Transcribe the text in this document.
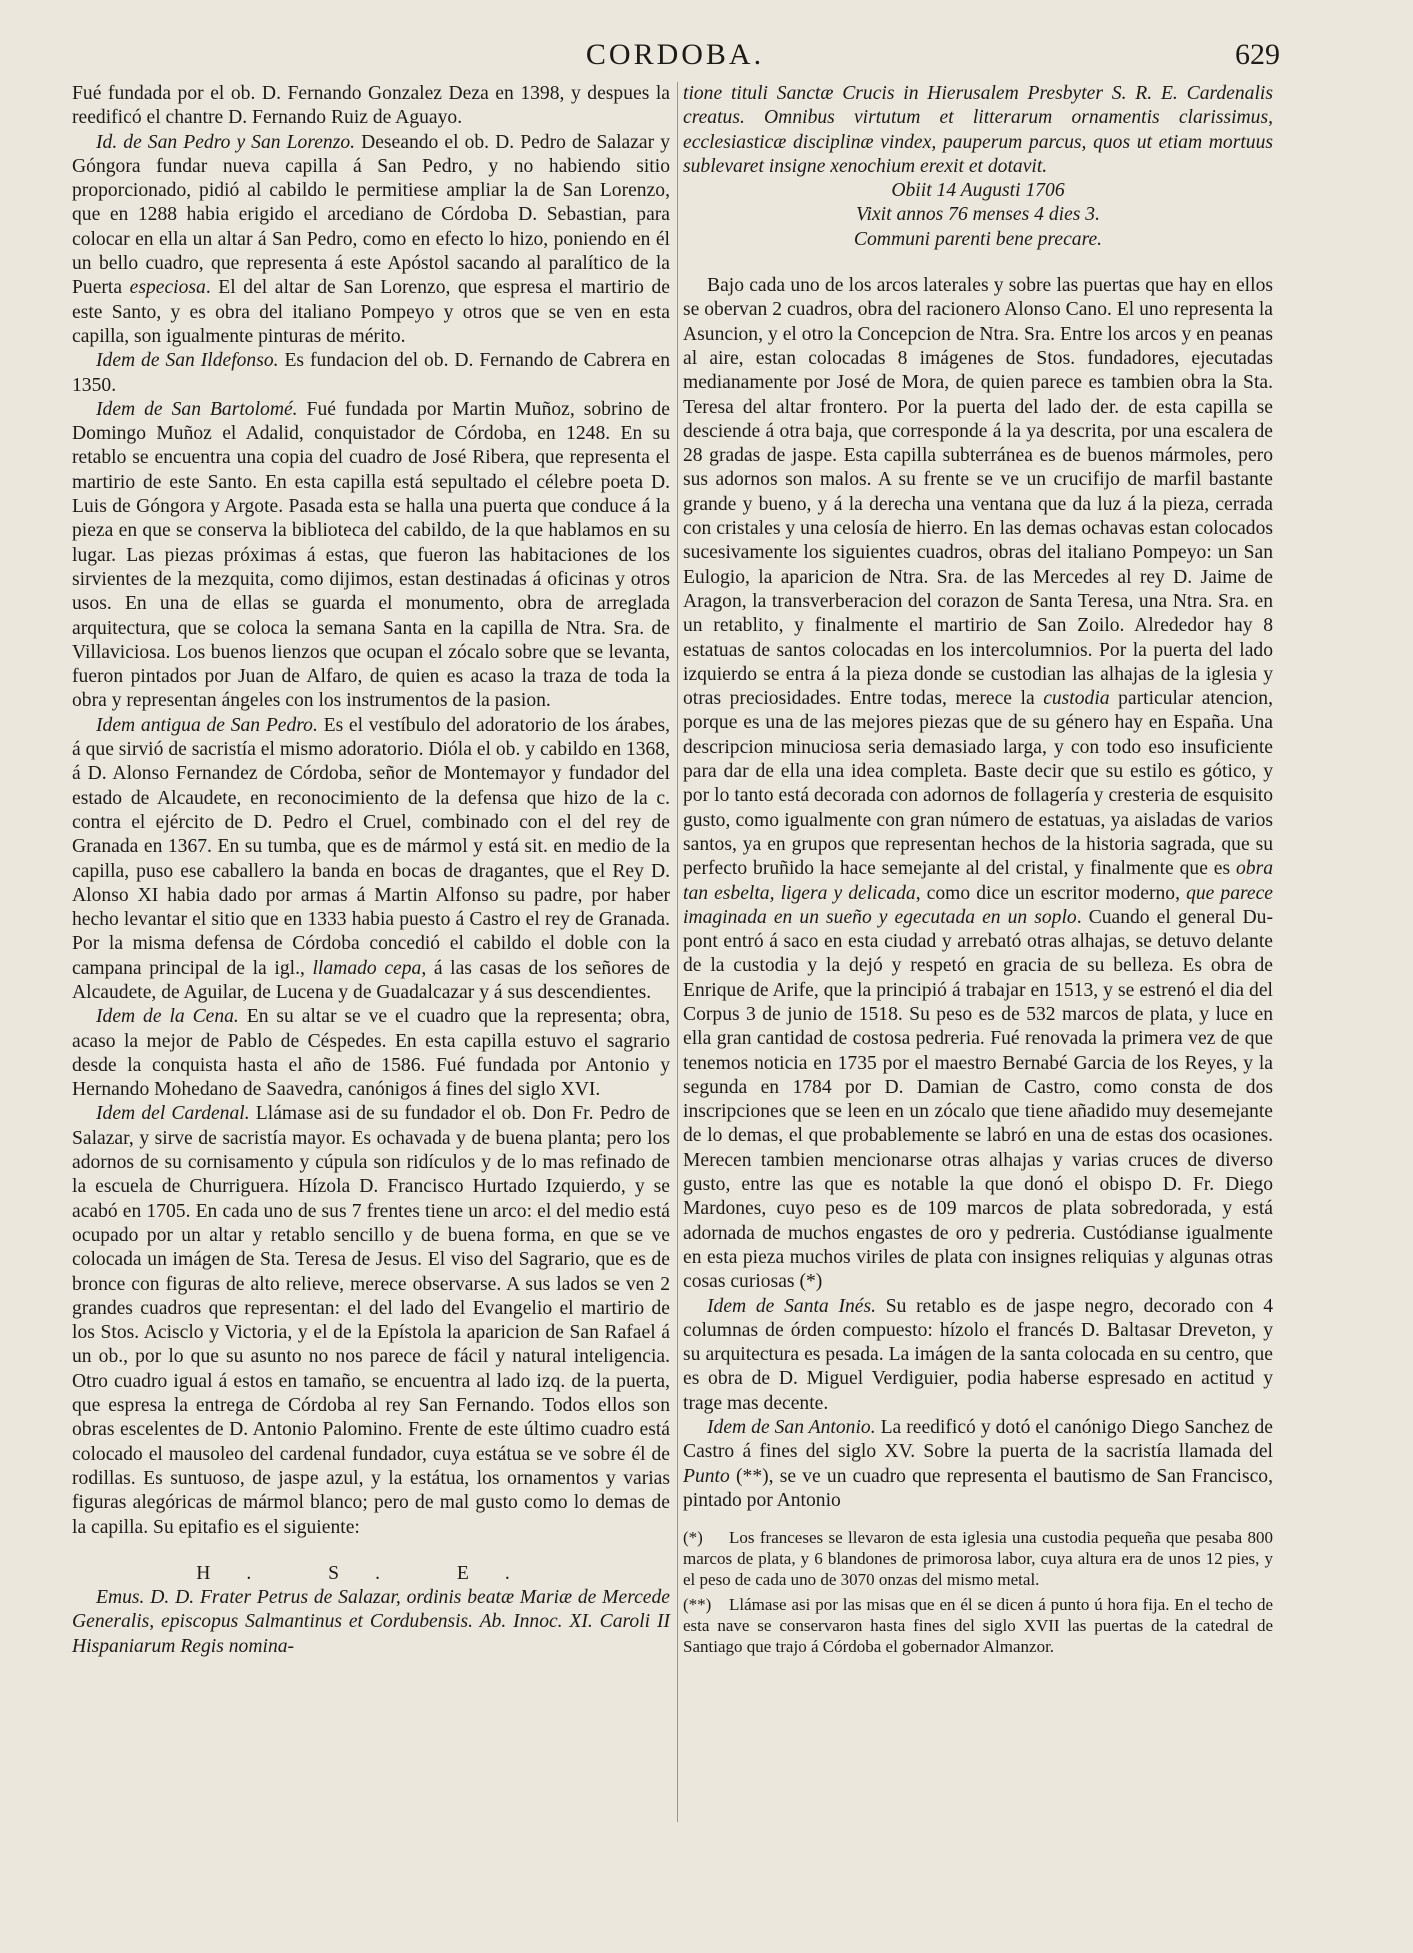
CORDOBA.	629

Fué fundada por el ob. D. Fernando Gonzalez Deza en 1398, y despues la reedificó el chantre D. Fernando Ruiz de Aguayo.

Id. de San Pedro y San Lorenzo. Deseando el ob. D. Pedro de Salazar y Góngora fundar nueva capilla á San Pedro, y no habiendo sitio proporcionado, pidió al cabildo le permitiese ampliar la de San Lorenzo, que en 1288 habia erigido el arcediano de Córdoba D. Sebastian, para colocar en ella un altar á San Pedro, como en efecto lo hizo, poniendo en él un bello cuadro, que representa á este Apóstol sacando al paralítico de la Puerta especiosa. El del altar de San Lorenzo, que espresa el martirio de este Santo, y es obra del italiano Pompeyo y otros que se ven en esta capilla, son igualmente pinturas de mérito.

Idem de San Ildefonso. Es fundacion del ob. D. Fernando de Cabrera en 1350.

Idem de San Bartolomé. Fué fundada por Martin Muñoz, sobrino de Domingo Muñoz el Adalid, conquistador de Córdoba, en 1248. En su retablo se encuentra una copia del cuadro de José Ribera, que representa el martirio de este Santo. En esta capilla está sepultado el célebre poeta D. Luis de Góngora y Argote. Pasada esta se halla una puerta que conduce á la pieza en que se conserva la biblioteca del cabildo, de la que hablamos en su lugar. Las piezas próximas á estas, que fueron las habitaciones de los sirvientes de la mezquita, como dijimos, estan destinadas á oficinas y otros usos. En una de ellas se guarda el monumento, obra de arreglada arquitectura, que se coloca la semana Santa en la capilla de Ntra. Sra. de Villaviciosa. Los buenos lienzos que ocupan el zócalo sobre que se levanta, fueron pintados por Juan de Alfaro, de quien es acaso la traza de toda la obra y representan ángeles con los instrumentos de la pasion.

Idem antigua de San Pedro. Es el vestíbulo del adoratorio de los árabes, á que sirvió de sacristía el mismo adoratorio. Dióla el ob. y cabildo en 1368, á D. Alonso Fernandez de Córdoba, señor de Montemayor y fundador del estado de Alcaudete, en reconocimiento de la defensa que hizo de la c. contra el ejército de D. Pedro el Cruel, combinado con el del rey de Granada en 1367. En su tumba, que es de mármol y está sit. en medio de la capilla, puso ese caballero la banda en bocas de dragantes, que el Rey D. Alonso XI habia dado por armas á Martin Alfonso su padre, por haber hecho levantar el sitio que en 1333 habia puesto á Castro el rey de Granada. Por la misma defensa de Córdoba concedió el cabildo el doble con la campana principal de la igl., llamado cepa, á las casas de los señores de Alcaudete, de Aguilar, de Lucena y de Guadalcazar y á sus descendientes.

Idem de la Cena. En su altar se ve el cuadro que la representa; obra, acaso la mejor de Pablo de Céspedes. En esta capilla estuvo el sagrario desde la conquista hasta el año de 1586. Fué fundada por Antonio y Hernando Mohedano de Saavedra, canónigos á fines del siglo XVI.

Idem del Cardenal. Llámase asi de su fundador el ob. Don Fr. Pedro de Salazar, y sirve de sacristía mayor. Es ochavada y de buena planta; pero los adornos de su cornisamento y cúpula son ridículos y de lo mas refinado de la escuela de Churriguera. Hízola D. Francisco Hurtado Izquierdo, y se acabó en 1705. En cada uno de sus 7 frentes tiene un arco: el del medio está ocupado por un altar y retablo sencillo y de buena forma, en que se ve colocada un imágen de Sta. Teresa de Jesus. El viso del Sagrario, que es de bronce con figuras de alto relieve, merece observarse. A sus lados se ven 2 grandes cuadros que representan: el del lado del Evangelio el martirio de los Stos. Acisclo y Victoria, y el de la Epístola la aparicion de San Rafael á un ob., por lo que su asunto no nos parece de fácil y natural inteligencia. Otro cuadro igual á estos en tamaño, se encuentra al lado izq. de la puerta, que espresa la entrega de Córdoba al rey San Fernando. Todos ellos son obras escelentes de D. Antonio Palomino. Frente de este último cuadro está colocado el mausoleo del cardenal fundador, cuya estátua se ve sobre él de rodillas. Es suntuoso, de jaspe azul, y la estátua, los ornamentos y varias figuras alegóricas de mármol blanco; pero de mal gusto como lo demas de la capilla. Su epitafio es el siguiente:

H. S. E.

Emus. D. D. Frater Petrus de Salazar, ordinis beatæ Mariæ de Mercede Generalis, episcopus Salmantinus et Cordubensis. Ab. Innoc. XI. Caroli II Hispaniarum Regis nomina-

tione tituli Sanctæ Crucis in Hierusalem Presbyter S. R. E. Cardenalis creatus. Omnibus virtutum et litterarum ornamentis clarissimus, ecclesiasticæ disciplinæ vindex, pauperum parcus, quos ut etiam mortuus sublevaret insigne xenochium erexit et dotavit.

Obiit 14 Augusti 1706

Vixit annos 76 menses 4 dies 3.

Communi parenti bene precare.

Bajo cada uno de los arcos laterales y sobre las puertas que hay en ellos se obervan 2 cuadros, obra del racionero Alonso Cano. El uno representa la Asuncion, y el otro la Concepcion de Ntra. Sra. Entre los arcos y en peanas al aire, estan colocadas 8 imágenes de Stos. fundadores, ejecutadas medianamente por José de Mora, de quien parece es tambien obra la Sta. Teresa del altar frontero. Por la puerta del lado der. de esta capilla se desciende á otra baja, que corresponde á la ya descrita, por una escalera de 28 gradas de jaspe. Esta capilla subterránea es de buenos mármoles, pero sus adornos son malos. A su frente se ve un crucifijo de marfil bastante grande y bueno, y á la derecha una ventana que da luz á la pieza, cerrada con cristales y una celosía de hierro. En las demas ochavas estan colocados sucesivamente los siguientes cuadros, obras del italiano Pompeyo: un San Eulogio, la aparicion de Ntra. Sra. de las Mercedes al rey D. Jaime de Aragon, la transverberacion del corazon de Santa Teresa, una Ntra. Sra. en un retablito, y finalmente el martirio de San Zoilo. Alrededor hay 8 estatuas de santos colocadas en los intercolumnios. Por la puerta del lado izquierdo se entra á la pieza donde se custodian las alhajas de la iglesia y otras preciosidades. Entre todas, merece la custodia particular atencion, porque es una de las mejores piezas que de su género hay en España. Una descripcion minuciosa seria demasiado larga, y con todo eso insuficiente para dar de ella una idea completa. Baste decir que su estilo es gótico, y por lo tanto está decorada con adornos de follagería y cresteria de esquisito gusto, como igualmente con gran número de estatuas, ya aisladas de varios santos, ya en grupos que representan hechos de la historia sagrada, que su perfecto bruñido la hace semejante al del cristal, y finalmente que es obra tan esbelta, ligera y delicada, como dice un escritor moderno, que parece imaginada en un sueño y egecutada en un soplo. Cuando el general Du-pont entró á saco en esta ciudad y arrebató otras alhajas, se detuvo delante de la custodia y la dejó y respetó en gracia de su belleza. Es obra de Enrique de Arife, que la principió á trabajar en 1513, y se estrenó el dia del Corpus 3 de junio de 1518. Su peso es de 532 marcos de plata, y luce en ella gran cantidad de costosa pedreria. Fué renovada la primera vez de que tenemos noticia en 1735 por el maestro Bernabé Garcia de los Reyes, y la segunda en 1784 por D. Damian de Castro, como consta de dos inscripciones que se leen en un zócalo que tiene añadido muy desemejante de lo demas, el que probablemente se labró en una de estas dos ocasiones. Merecen tambien mencionarse otras alhajas y varias cruces de diverso gusto, entre las que es notable la que donó el obispo D. Fr. Diego Mardones, cuyo peso es de 109 marcos de plata sobredorada, y está adornada de muchos engastes de oro y pedreria. Custódianse igualmente en esta pieza muchos viriles de plata con insignes reliquias y algunas otras cosas curiosas (*)

Idem de Santa Inés. Su retablo es de jaspe negro, decorado con 4 columnas de órden compuesto: hízolo el francés D. Baltasar Dreveton, y su arquitectura es pesada. La imágen de la santa colocada en su centro, que es obra de D. Miguel Verdiguier, podia haberse espresado en actitud y trage mas decente.

Idem de San Antonio. La reedificó y dotó el canónigo Diego Sanchez de Castro á fines del siglo XV. Sobre la puerta de la sacristía llamada del Punto (**), se ve un cuadro que representa el bautismo de San Francisco, pintado por Antonio

(*) Los franceses se llevaron de esta iglesia una custodia pequeña que pesaba 800 marcos de plata, y 6 blandones de primorosa labor, cuya altura era de unos 12 pies, y el peso de cada uno de 3070 onzas del mismo metal.

(**) Llámase asi por las misas que en él se dicen á punto ú hora fija. En el techo de esta nave se conservaron hasta fines del siglo XVII las puertas de la catedral de Santiago que trajo á Córdoba el gobernador Almanzor.
